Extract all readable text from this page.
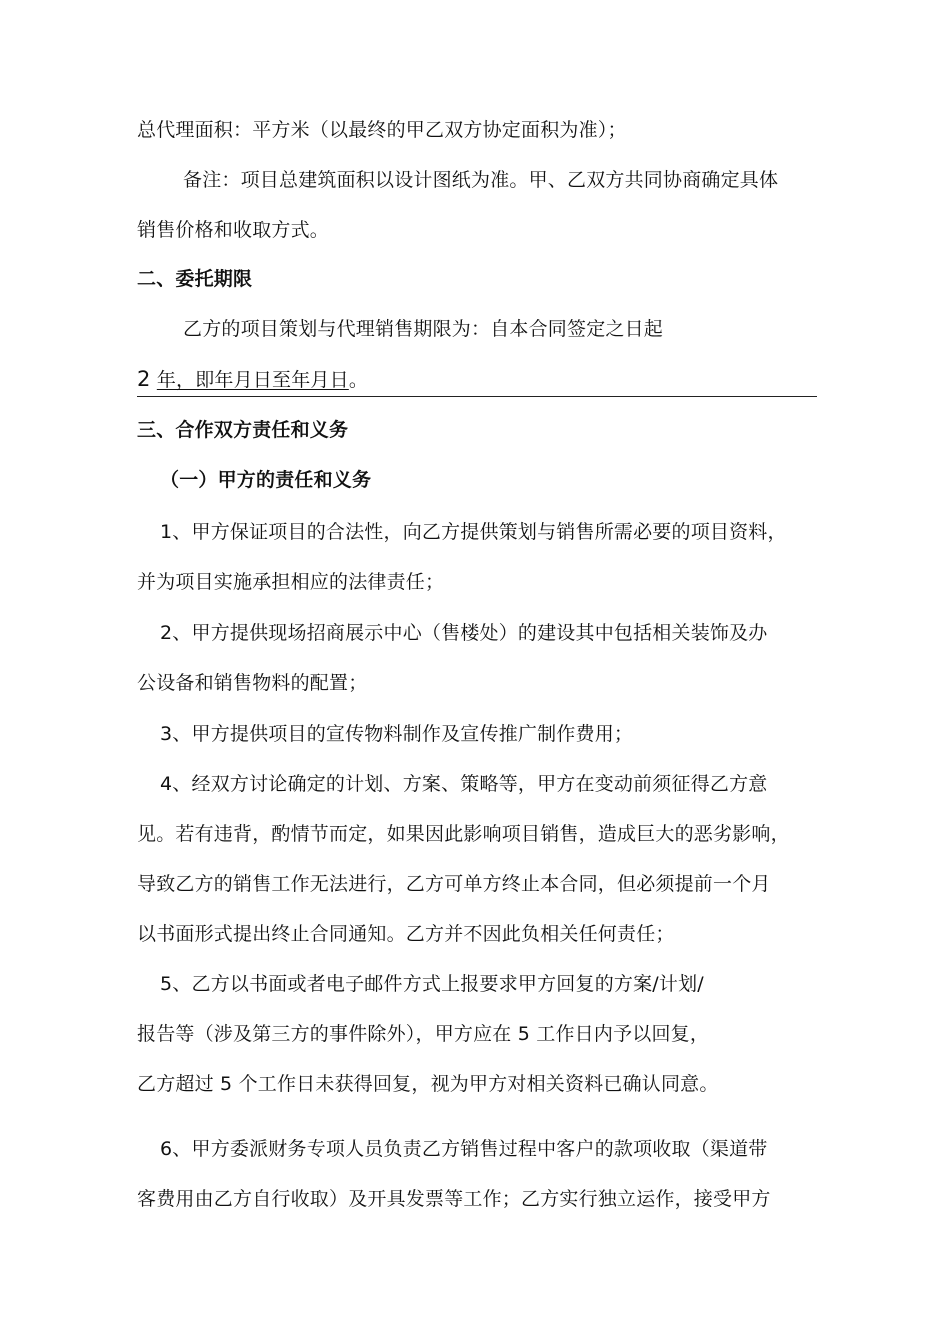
总代理面积：平方米（以最终的甲乙双方协定面积为准）；
备注：项目总建筑面积以设计图纸为准。甲、乙双方共同协商确定具体
销售价格和收取方式。
二、委托期限
乙方的项目策划与代理销售期限为：自本合同签定之日起
2 年，即年月日至年月日。
三、合作双方责任和义务
（一）甲方的责任和义务
1、甲方保证项目的合法性，向乙方提供策划与销售所需必要的项目资料，
并为项目实施承担相应的法律责任；
2、甲方提供现场招商展示中心（售楼处）的建设其中包括相关装饰及办
公设备和销售物料的配置；
3、甲方提供项目的宣传物料制作及宣传推广制作费用；
4、经双方讨论确定的计划、方案、策略等，甲方在变动前须征得乙方意
见。若有违背，酌情节而定，如果因此影响项目销售，造成巨大的恶劣影响，
导致乙方的销售工作无法进行，乙方可单方终止本合同，但必须提前一个月
以书面形式提出终止合同通知。乙方并不因此负相关任何责任；
5、乙方以书面或者电子邮件方式上报要求甲方回复的方案/计划/
报告等（涉及第三方的事件除外），甲方应在 5 工作日内予以回复，
乙方超过 5 个工作日未获得回复，视为甲方对相关资料已确认同意。
6、甲方委派财务专项人员负责乙方销售过程中客户的款项收取（渠道带
客费用由乙方自行收取）及开具发票等工作；乙方实行独立运作，接受甲方
